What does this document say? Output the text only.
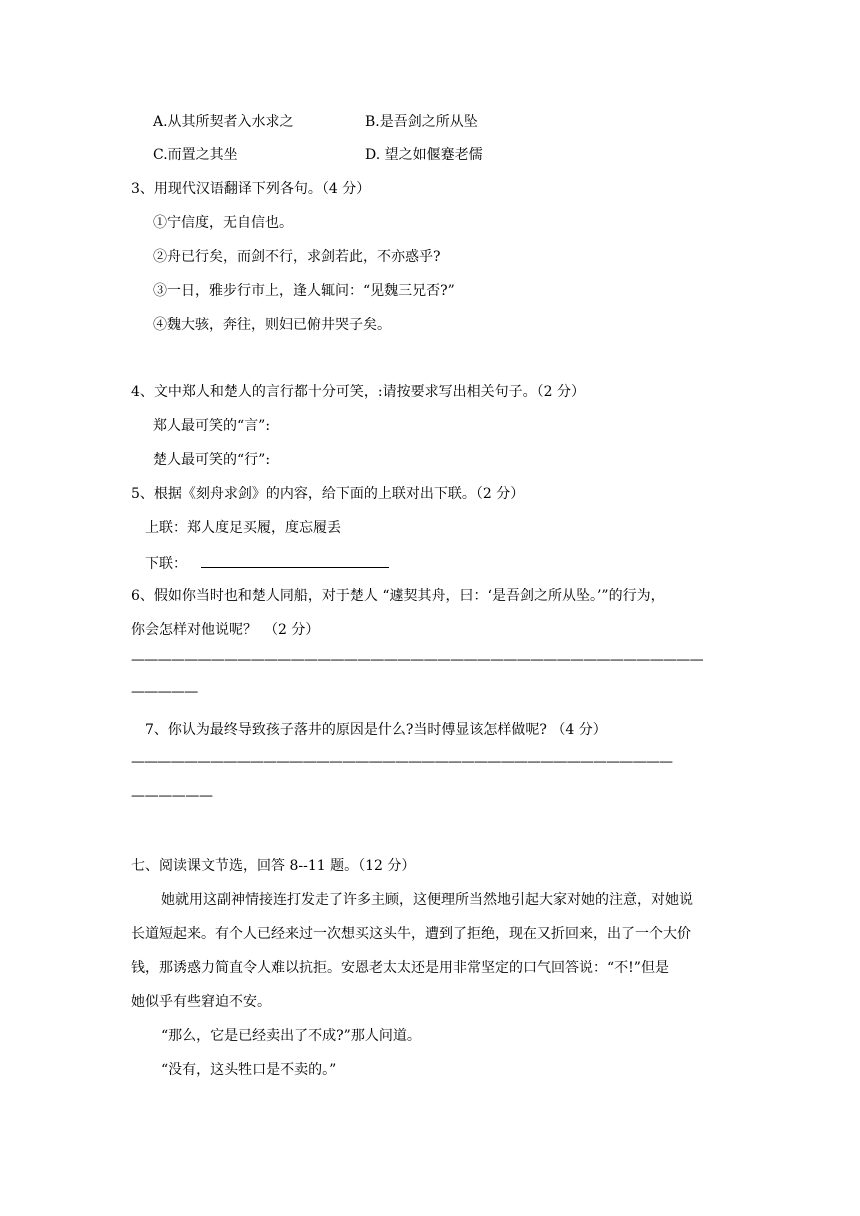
A.从其所契者入水求之	B.是吾剑之所从坠
C.而置之其坐	D. 望之如偃蹇老儒
3、用现代汉语翻译下列各句。（4 分）
①宁信度，无自信也。
②舟已行矣，而剑不行，求剑若此，不亦惑乎?
③一日，雅步行市上，逢人辄问：“见魏三兄否?”
④魏大骇，奔往，则妇已俯井哭子矣。
4、文中郑人和楚人的言行都十分可笑，:请按要求写出相关句子。（2 分）
郑人最可笑的“言”:
楚人最可笑的“行”:
5、根据《刻舟求剑》的内容，给下面的上联对出下联。（2 分）
上联：郑人度足买履，度忘履丢
下联：
6、假如你当时也和楚人同船，对于楚人 “遽契其舟，曰：‘是吾剑之所从坠。’”的行为，
你会怎样对他说呢？　（2 分）
———————————————————————————————————————————
—————
7、你认为最终导致孩子落井的原因是什么?当时傅显该怎样做呢? （4 分）
—————————————————————————————————————————
——————
七、阅读课文节选，回答 8--11 题。（12 分）
她就用这副神情接连打发走了许多主顾，这便理所当然地引起大家对她的注意，对她说
长道短起来。有个人已经来过一次想买这头牛，遭到了拒绝，现在又折回来，出了一个大价
钱，那诱惑力简直令人难以抗拒。安恩老太太还是用非常坚定的口气回答说：“不!”但是
她似乎有些窘迫不安。
“那么，它是已经卖出了不成?”那人问道。
“没有，这头牲口是不卖的。”
